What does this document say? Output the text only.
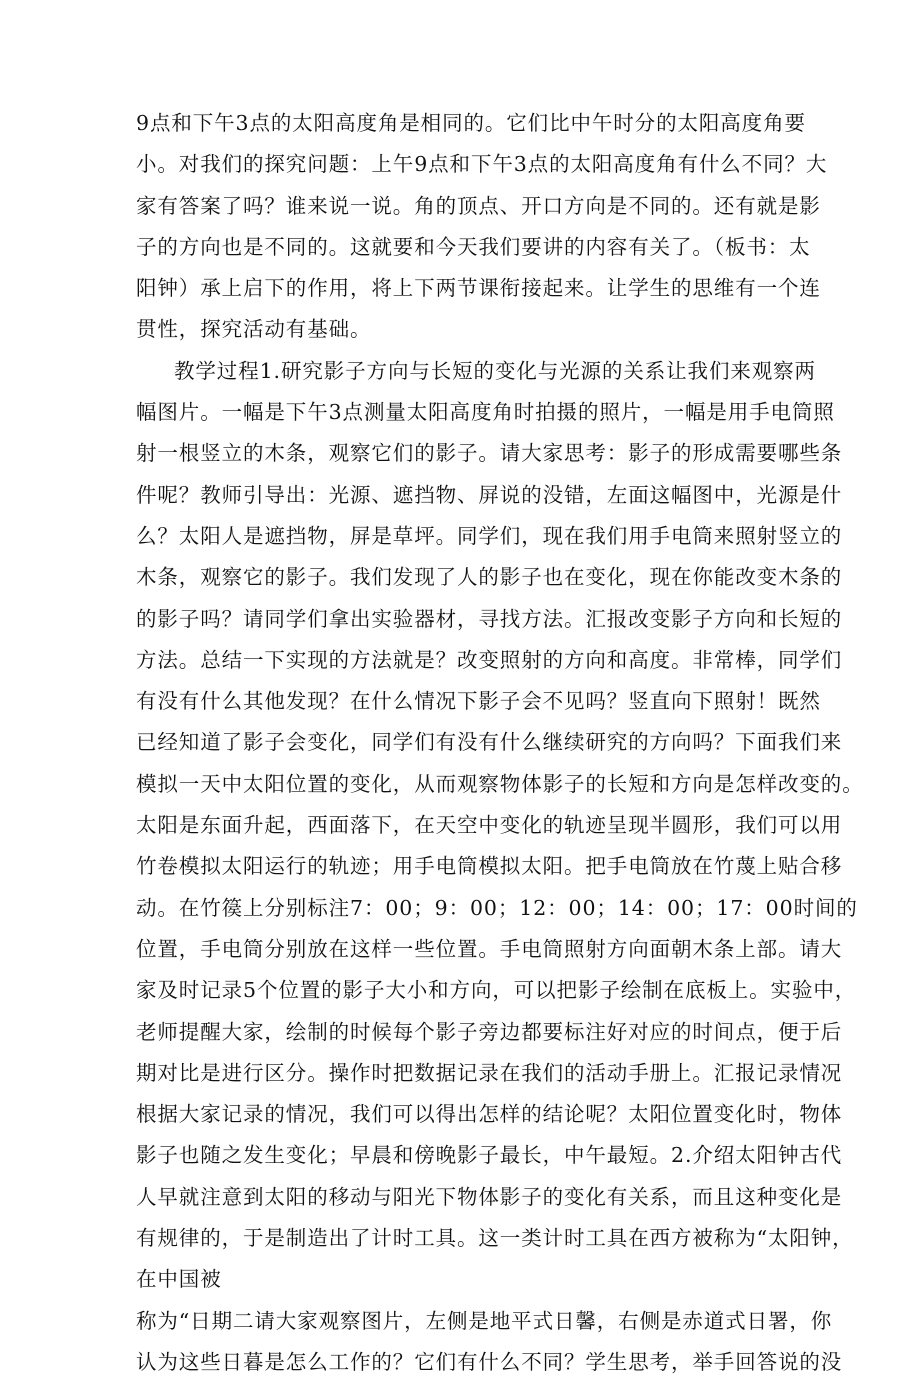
9点和下午3点的太阳高度角是相同的。它们比中午时分的太阳高度角要
小。对我们的探究问题：上午9点和下午3点的太阳高度角有什么不同？大
家有答案了吗？谁来说一说。角的顶点、开口方向是不同的。还有就是影
子的方向也是不同的。这就要和今天我们要讲的内容有关了。（板书：太
阳钟）承上启下的作用，将上下两节课衔接起来。让学生的思维有一个连
贯性，探究活动有基础。
教学过程1.研究影子方向与长短的变化与光源的关系让我们来观察两
幅图片。一幅是下午3点测量太阳高度角时拍摄的照片，一幅是用手电筒照
射一根竖立的木条，观察它们的影子。请大家思考：影子的形成需要哪些条
件呢？教师引导出：光源、遮挡物、屏说的没错，左面这幅图中，光源是什
么？太阳人是遮挡物，屏是草坪。同学们，现在我们用手电筒来照射竖立的
木条，观察它的影子。我们发现了人的影子也在变化，现在你能改变木条的
的影子吗？请同学们拿出实验器材，寻找方法。汇报改变影子方向和长短的
方法。总结一下实现的方法就是？改变照射的方向和高度。非常棒，同学们
有没有什么其他发现？在什么情况下影子会不见吗？竖直向下照射！既然
已经知道了影子会变化，同学们有没有什么继续研究的方向吗？下面我们来
模拟一天中太阳位置的变化，从而观察物体影子的长短和方向是怎样改变的。
太阳是东面升起，西面落下，在天空中变化的轨迹呈现半圆形，我们可以用
竹卷模拟太阳运行的轨迹；用手电筒模拟太阳。把手电筒放在竹蔑上贴合移
动。在竹篌上分别标注7：00；9：00；12：00；14：00；17：00时间的
位置，手电筒分别放在这样一些位置。手电筒照射方向面朝木条上部。请大
家及时记录5个位置的影子大小和方向，可以把影子绘制在底板上。实验中，
老师提醒大家，绘制的时候每个影子旁边都要标注好对应的时间点，便于后
期对比是进行区分。操作时把数据记录在我们的活动手册上。汇报记录情况
根据大家记录的情况，我们可以得出怎样的结论呢？太阳位置变化时，物体
影子也随之发生变化；早晨和傍晚影子最长，中午最短。2.介绍太阳钟古代
人早就注意到太阳的移动与阳光下物体影子的变化有关系，而且这种变化是
有规律的，于是制造出了计时工具。这一类计时工具在西方被称为“太阳钟，
在中国被
称为“日期二请大家观察图片，左侧是地平式日馨，右侧是赤道式日署，你
认为这些日暮是怎么工作的？它们有什么不同？学生思考，举手回答说的没
